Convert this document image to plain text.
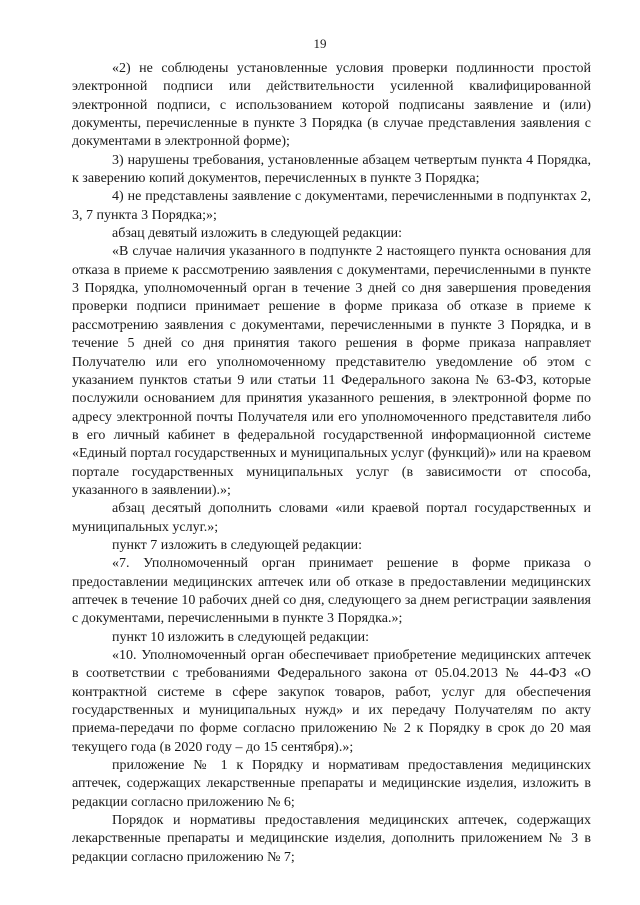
19

«2) не соблюдены установленные условия проверки подлинности простой электронной подписи или действительности усиленной квалифицированной электронной подписи, с использованием которой подписаны заявление и (или) документы, перечисленные в пункте 3 Порядка (в случае представления заявления с документами в электронной форме);

3) нарушены требования, установленные абзацем четвертым пункта 4 Порядка, к заверению копий документов, перечисленных в пункте 3 Порядка;

4) не представлены заявление с документами, перечисленными в подпунктах 2, 3, 7 пункта 3 Порядка;»;

абзац девятый изложить в следующей редакции:

«В случае наличия указанного в подпункте 2 настоящего пункта основания для отказа в приеме к рассмотрению заявления с документами, перечисленными в пункте 3 Порядка, уполномоченный орган в течение 3 дней со дня завершения проведения проверки подписи принимает решение в форме приказа об отказе в приеме к рассмотрению заявления с документами, перечисленными в пункте 3 Порядка, и в течение 5 дней со дня принятия такого решения в форме приказа направляет Получателю или его уполномоченному представителю уведомление об этом с указанием пунктов статьи 9 или статьи 11 Федерального закона № 63-ФЗ, которые послужили основанием для принятия указанного решения, в электронной форме по адресу электронной почты Получателя или его уполномоченного представителя либо в его личный кабинет в федеральной государственной информационной системе «Единый портал государственных и муниципальных услуг (функций)» или на краевом портале государственных муниципальных услуг (в зависимости от способа, указанного в заявлении).»;

абзац десятый дополнить словами «или краевой портал государственных и муниципальных услуг.»;

пункт 7 изложить в следующей редакции:

«7. Уполномоченный орган принимает решение в форме приказа о предоставлении медицинских аптечек или об отказе в предоставлении медицинских аптечек в течение 10 рабочих дней со дня, следующего за днем регистрации заявления с документами, перечисленными в пункте 3 Порядка.»;

пункт 10 изложить в следующей редакции:

«10. Уполномоченный орган обеспечивает приобретение медицинских аптечек в соответствии с требованиями Федерального закона от 05.04.2013 № 44-ФЗ «О контрактной системе в сфере закупок товаров, работ, услуг для обеспечения государственных и муниципальных нужд» и их передачу Получателям по акту приема-передачи по форме согласно приложению № 2 к Порядку в срок до 20 мая текущего года (в 2020 году – до 15 сентября).»;

приложение № 1 к Порядку и нормативам предоставления медицинских аптечек, содержащих лекарственные препараты и медицинские изделия, изложить в редакции согласно приложению № 6;

Порядок и нормативы предоставления медицинских аптечек, содержащих лекарственные препараты и медицинские изделия, дополнить приложением № 3 в редакции согласно приложению № 7;
